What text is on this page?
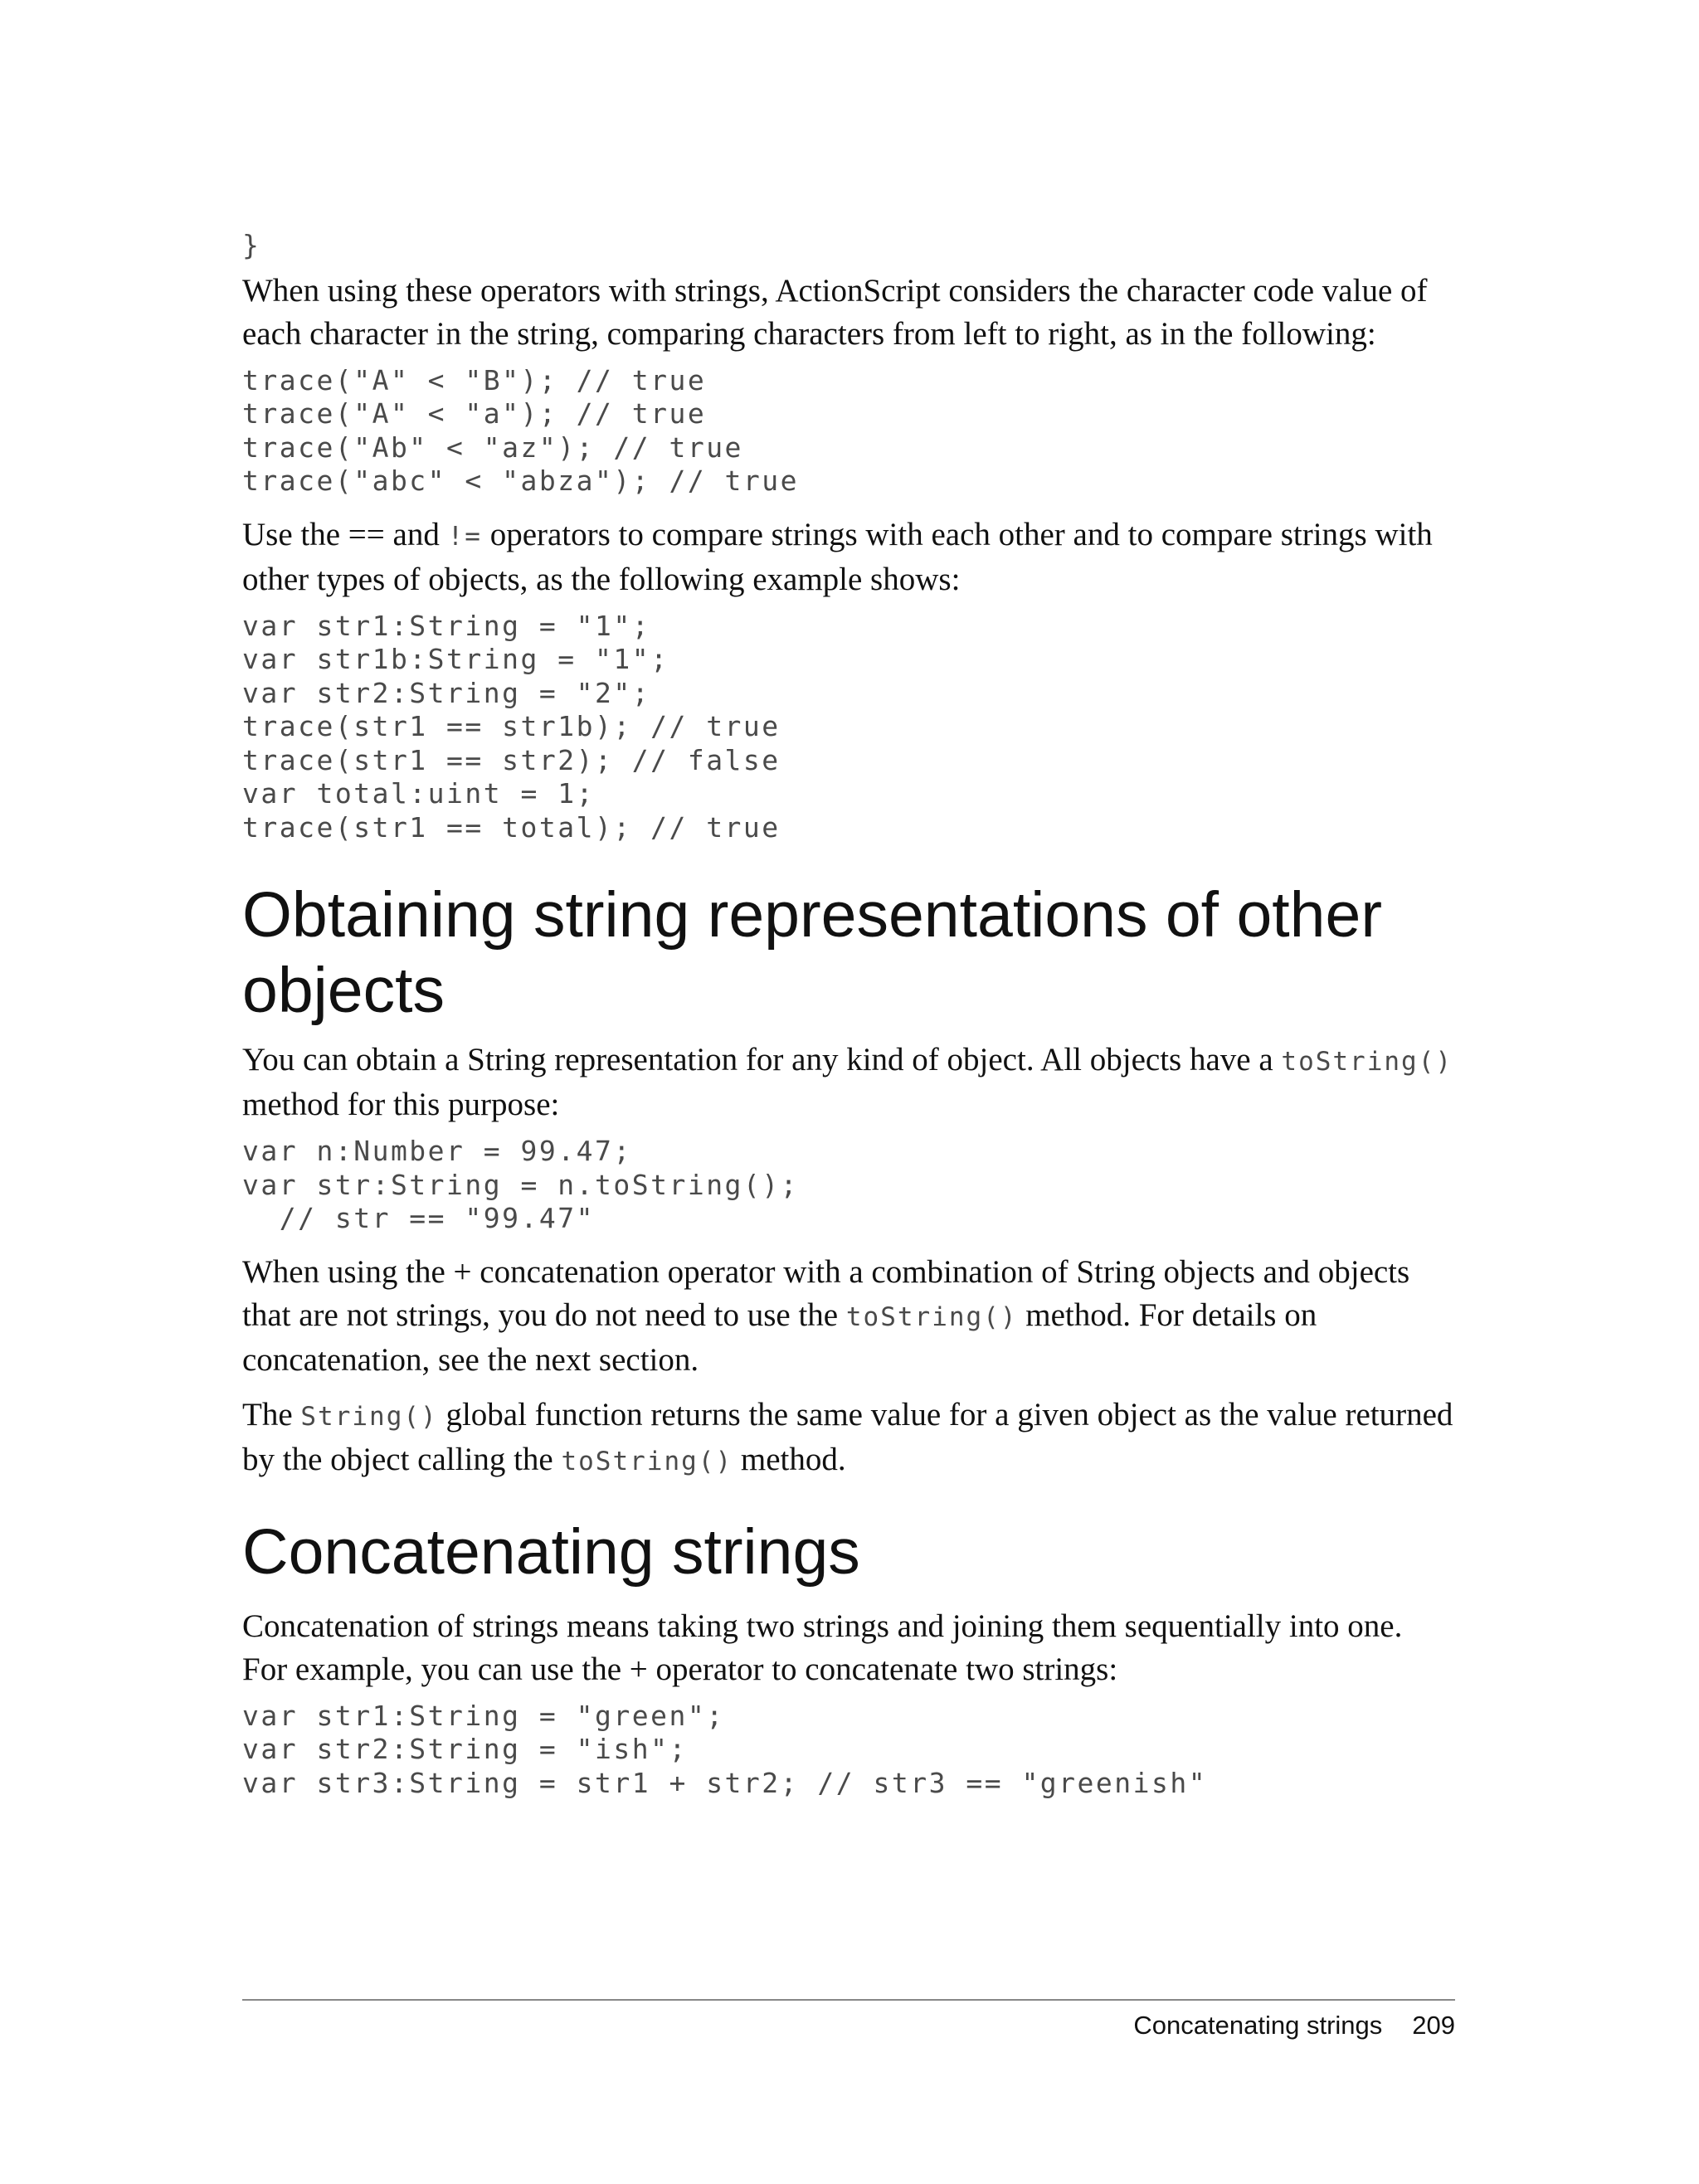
}

When using these operators with strings, ActionScript considers the character code value of each character in the string, comparing characters from left to right, as in the following:

trace("A" < "B"); // true
trace("A" < "a"); // true
trace("Ab" < "az"); // true
trace("abc" < "abza"); // true

Use the == and != operators to compare strings with each other and to compare strings with other types of objects, as the following example shows:

var str1:String = "1";
var str1b:String = "1";
var str2:String = "2";
trace(str1 == str1b); // true
trace(str1 == str2); // false
var total:uint = 1;
trace(str1 == total); // true
Obtaining string representations of other objects

You can obtain a String representation for any kind of object. All objects have a toString() method for this purpose:

var n:Number = 99.47;
var str:String = n.toString();
// str == "99.47"

When using the + concatenation operator with a combination of String objects and objects that are not strings, you do not need to use the toString() method. For details on concatenation, see the next section.

The String() global function returns the same value for a given object as the value returned by the object calling the toString() method.

Concatenating strings

Concatenation of strings means taking two strings and joining them sequentially into one. For example, you can use the + operator to concatenate two strings:

var str1:String = "green";
var str2:String = "ish";
var str3:String = str1 + str2; // str3 == "greenish"
Concatenating strings 209
